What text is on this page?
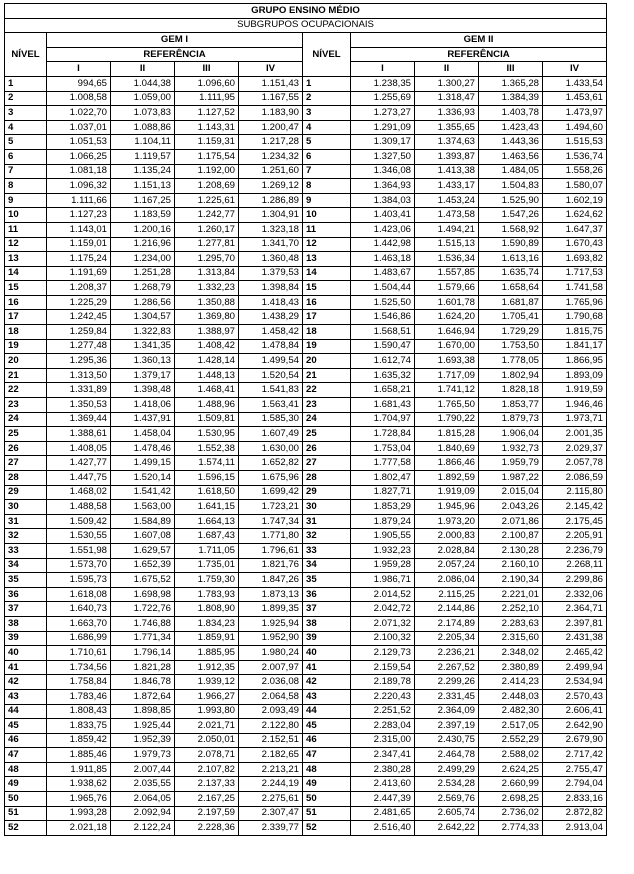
GRUPO ENSINO MÉDIO									
SUBGRUPOS OCUPACIONAIS									
NÍVEL	GEM I				NÍVEL	GEM II			
	REFERÊNCIA					REFERÊNCIA			
	I	II	III	IV		I	II	III	IV
1	994,65	1.044,38	1.096,60	1.151,43	1	1.238,35	1.300,27	1.365,28	1.433,54
2	1.008,58	1.059,00	1.111,95	1.167,55	2	1.255,69	1.318,47	1.384,39	1.453,61
3	1.022,70	1.073,83	1.127,52	1.183,90	3	1.273,27	1.336,93	1.403,78	1.473,97
4	1.037,01	1.088,86	1.143,31	1.200,47	4	1.291,09	1.355,65	1.423,43	1.494,60
5	1.051,53	1.104,11	1.159,31	1.217,28	5	1.309,17	1.374,63	1.443,36	1.515,53
6	1.066,25	1.119,57	1.175,54	1.234,32	6	1.327,50	1.393,87	1.463,56	1.536,74
7	1.081,18	1.135,24	1.192,00	1.251,60	7	1.346,08	1.413,38	1.484,05	1.558,26
8	1.096,32	1.151,13	1.208,69	1.269,12	8	1.364,93	1.433,17	1.504,83	1.580,07
9	1.111,66	1.167,25	1.225,61	1.286,89	9	1.384,03	1.453,24	1.525,90	1.602,19
10	1.127,23	1.183,59	1.242,77	1.304,91	10	1.403,41	1.473,58	1.547,26	1.624,62
11	1.143,01	1.200,16	1.260,17	1.323,18	11	1.423,06	1.494,21	1.568,92	1.647,37
12	1.159,01	1.216,96	1.277,81	1.341,70	12	1.442,98	1.515,13	1.590,89	1.670,43
13	1.175,24	1.234,00	1.295,70	1.360,48	13	1.463,18	1.536,34	1.613,16	1.693,82
14	1.191,69	1.251,28	1.313,84	1.379,53	14	1.483,67	1.557,85	1.635,74	1.717,53
15	1.208,37	1.268,79	1.332,23	1.398,84	15	1.504,44	1.579,66	1.658,64	1.741,58
16	1.225,29	1.286,56	1.350,88	1.418,43	16	1.525,50	1.601,78	1.681,87	1.765,96
17	1.242,45	1.304,57	1.369,80	1.438,29	17	1.546,86	1.624,20	1.705,41	1.790,68
18	1.259,84	1.322,83	1.388,97	1.458,42	18	1.568,51	1.646,94	1.729,29	1.815,75
19	1.277,48	1.341,35	1.408,42	1.478,84	19	1.590,47	1.670,00	1.753,50	1.841,17
20	1.295,36	1.360,13	1.428,14	1.499,54	20	1.612,74	1.693,38	1.778,05	1.866,95
21	1.313,50	1.379,17	1.448,13	1.520,54	21	1.635,32	1.717,09	1.802,94	1.893,09
22	1.331,89	1.398,48	1.468,41	1.541,83	22	1.658,21	1.741,12	1.828,18	1.919,59
23	1.350,53	1.418,06	1.488,96	1.563,41	23	1.681,43	1.765,50	1.853,77	1.946,46
24	1.369,44	1.437,91	1.509,81	1.585,30	24	1.704,97	1.790,22	1.879,73	1.973,71
25	1.388,61	1.458,04	1.530,95	1.607,49	25	1.728,84	1.815,28	1.906,04	2.001,35
26	1.408,05	1.478,46	1.552,38	1.630,00	26	1.753,04	1.840,69	1.932,73	2.029,37
27	1.427,77	1.499,15	1.574,11	1.652,82	27	1.777,58	1.866,46	1.959,79	2.057,78
28	1.447,75	1.520,14	1.596,15	1.675,96	28	1.802,47	1.892,59	1.987,22	2.086,59
29	1.468,02	1.541,42	1.618,50	1.699,42	29	1.827,71	1.919,09	2.015,04	2.115,80
30	1.488,58	1.563,00	1.641,15	1.723,21	30	1.853,29	1.945,96	2.043,26	2.145,42
31	1.509,42	1.584,89	1.664,13	1.747,34	31	1.879,24	1.973,20	2.071,86	2.175,45
32	1.530,55	1.607,08	1.687,43	1.771,80	32	1.905,55	2.000,83	2.100,87	2.205,91
33	1.551,98	1.629,57	1.711,05	1.796,61	33	1.932,23	2.028,84	2.130,28	2.236,79
34	1.573,70	1.652,39	1.735,01	1.821,76	34	1.959,28	2.057,24	2.160,10	2.268,11
35	1.595,73	1.675,52	1.759,30	1.847,26	35	1.986,71	2.086,04	2.190,34	2.299,86
36	1.618,08	1.698,98	1.783,93	1.873,13	36	2.014,52	2.115,25	2.221,01	2.332,06
37	1.640,73	1.722,76	1.808,90	1.899,35	37	2.042,72	2.144,86	2.252,10	2.364,71
38	1.663,70	1.746,88	1.834,23	1.925,94	38	2.071,32	2.174,89	2.283,63	2.397,81
39	1.686,99	1.771,34	1.859,91	1.952,90	39	2.100,32	2.205,34	2.315,60	2.431,38
40	1.710,61	1.796,14	1.885,95	1.980,24	40	2.129,73	2.236,21	2.348,02	2.465,42
41	1.734,56	1.821,28	1.912,35	2.007,97	41	2.159,54	2.267,52	2.380,89	2.499,94
42	1.758,84	1.846,78	1.939,12	2.036,08	42	2.189,78	2.299,26	2.414,23	2.534,94
43	1.783,46	1.872,64	1.966,27	2.064,58	43	2.220,43	2.331,45	2.448,03	2.570,43
44	1.808,43	1.898,85	1.993,80	2.093,49	44	2.251,52	2.364,09	2.482,30	2.606,41
45	1.833,75	1.925,44	2.021,71	2.122,80	45	2.283,04	2.397,19	2.517,05	2.642,90
46	1.859,42	1.952,39	2.050,01	2.152,51	46	2.315,00	2.430,75	2.552,29	2.679,90
47	1.885,46	1.979,73	2.078,71	2.182,65	47	2.347,41	2.464,78	2.588,02	2.717,42
48	1.911,85	2.007,44	2.107,82	2.213,21	48	2.380,28	2.499,29	2.624,25	2.755,47
49	1.938,62	2.035,55	2.137,33	2.244,19	49	2.413,60	2.534,28	2.660,99	2.794,04
50	1.965,76	2.064,05	2.167,25	2.275,61	50	2.447,39	2.569,76	2.698,25	2.833,16
51	1.993,28	2.092,94	2.197,59	2.307,47	51	2.481,65	2.605,74	2.736,02	2.872,82
52	2.021,18	2.122,24	2.228,36	2.339,77	52	2.516,40	2.642,22	2.774,33	2.913,04
